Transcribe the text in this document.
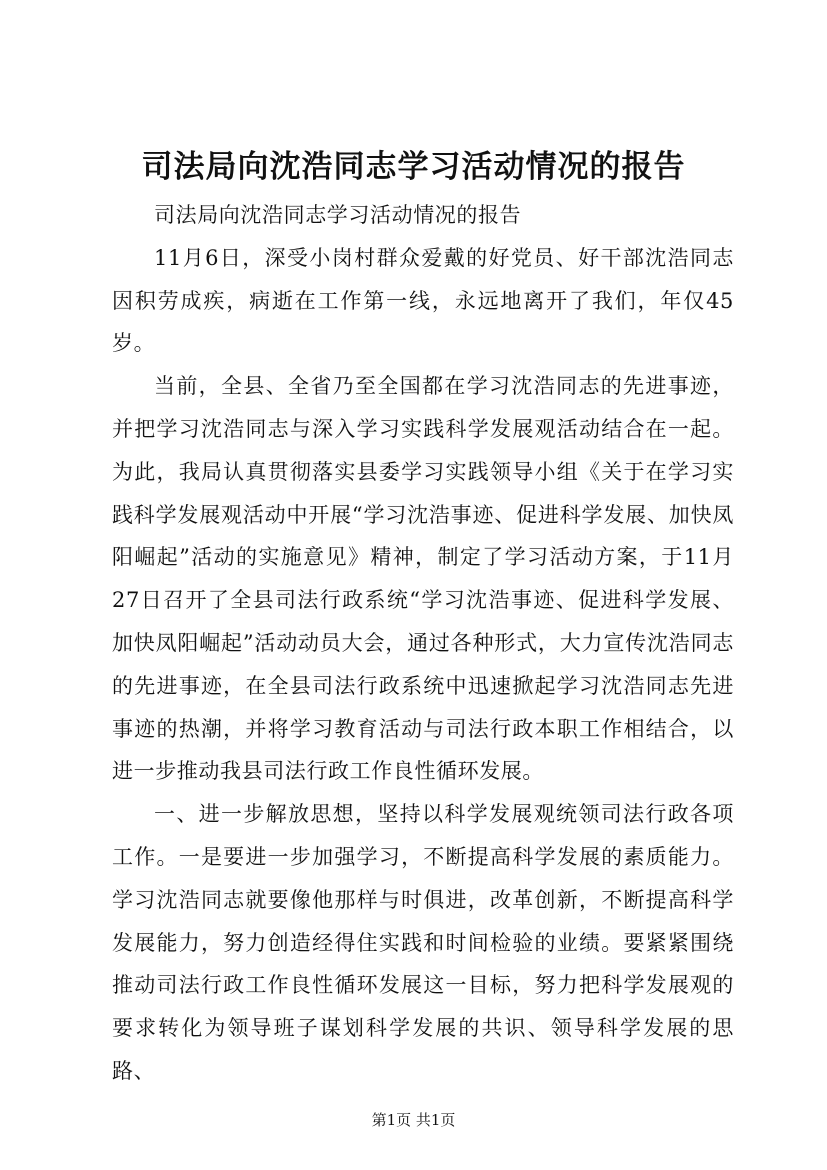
司法局向沈浩同志学习活动情况的报告

司法局向沈浩同志学习活动情况的报告

11月6日，深受小岗村群众爱戴的好党员、好干部沈浩同志因积劳成疾，病逝在工作第一线，永远地离开了我们，年仅45岁。

当前，全县、全省乃至全国都在学习沈浩同志的先进事迹，并把学习沈浩同志与深入学习实践科学发展观活动结合在一起。为此，我局认真贯彻落实县委学习实践领导小组《关于在学习实践科学发展观活动中开展“学习沈浩事迹、促进科学发展、加快凤阳崛起”活动的实施意见》精神，制定了学习活动方案，于11月27日召开了全县司法行政系统“学习沈浩事迹、促进科学发展、加快凤阳崛起”活动动员大会，通过各种形式，大力宣传沈浩同志的先进事迹，在全县司法行政系统中迅速掀起学习沈浩同志先进事迹的热潮，并将学习教育活动与司法行政本职工作相结合，以进一步推动我县司法行政工作良性循环发展。

一、进一步解放思想，坚持以科学发展观统领司法行政各项工作。一是要进一步加强学习，不断提高科学发展的素质能力。学习沈浩同志就要像他那样与时俱进，改革创新，不断提高科学发展能力，努力创造经得住实践和时间检验的业绩。要紧紧围绕推动司法行政工作良性循环发展这一目标，努力把科学发展观的要求转化为领导班子谋划科学发展的共识、领导科学发展的思路、

第1页 共1页
